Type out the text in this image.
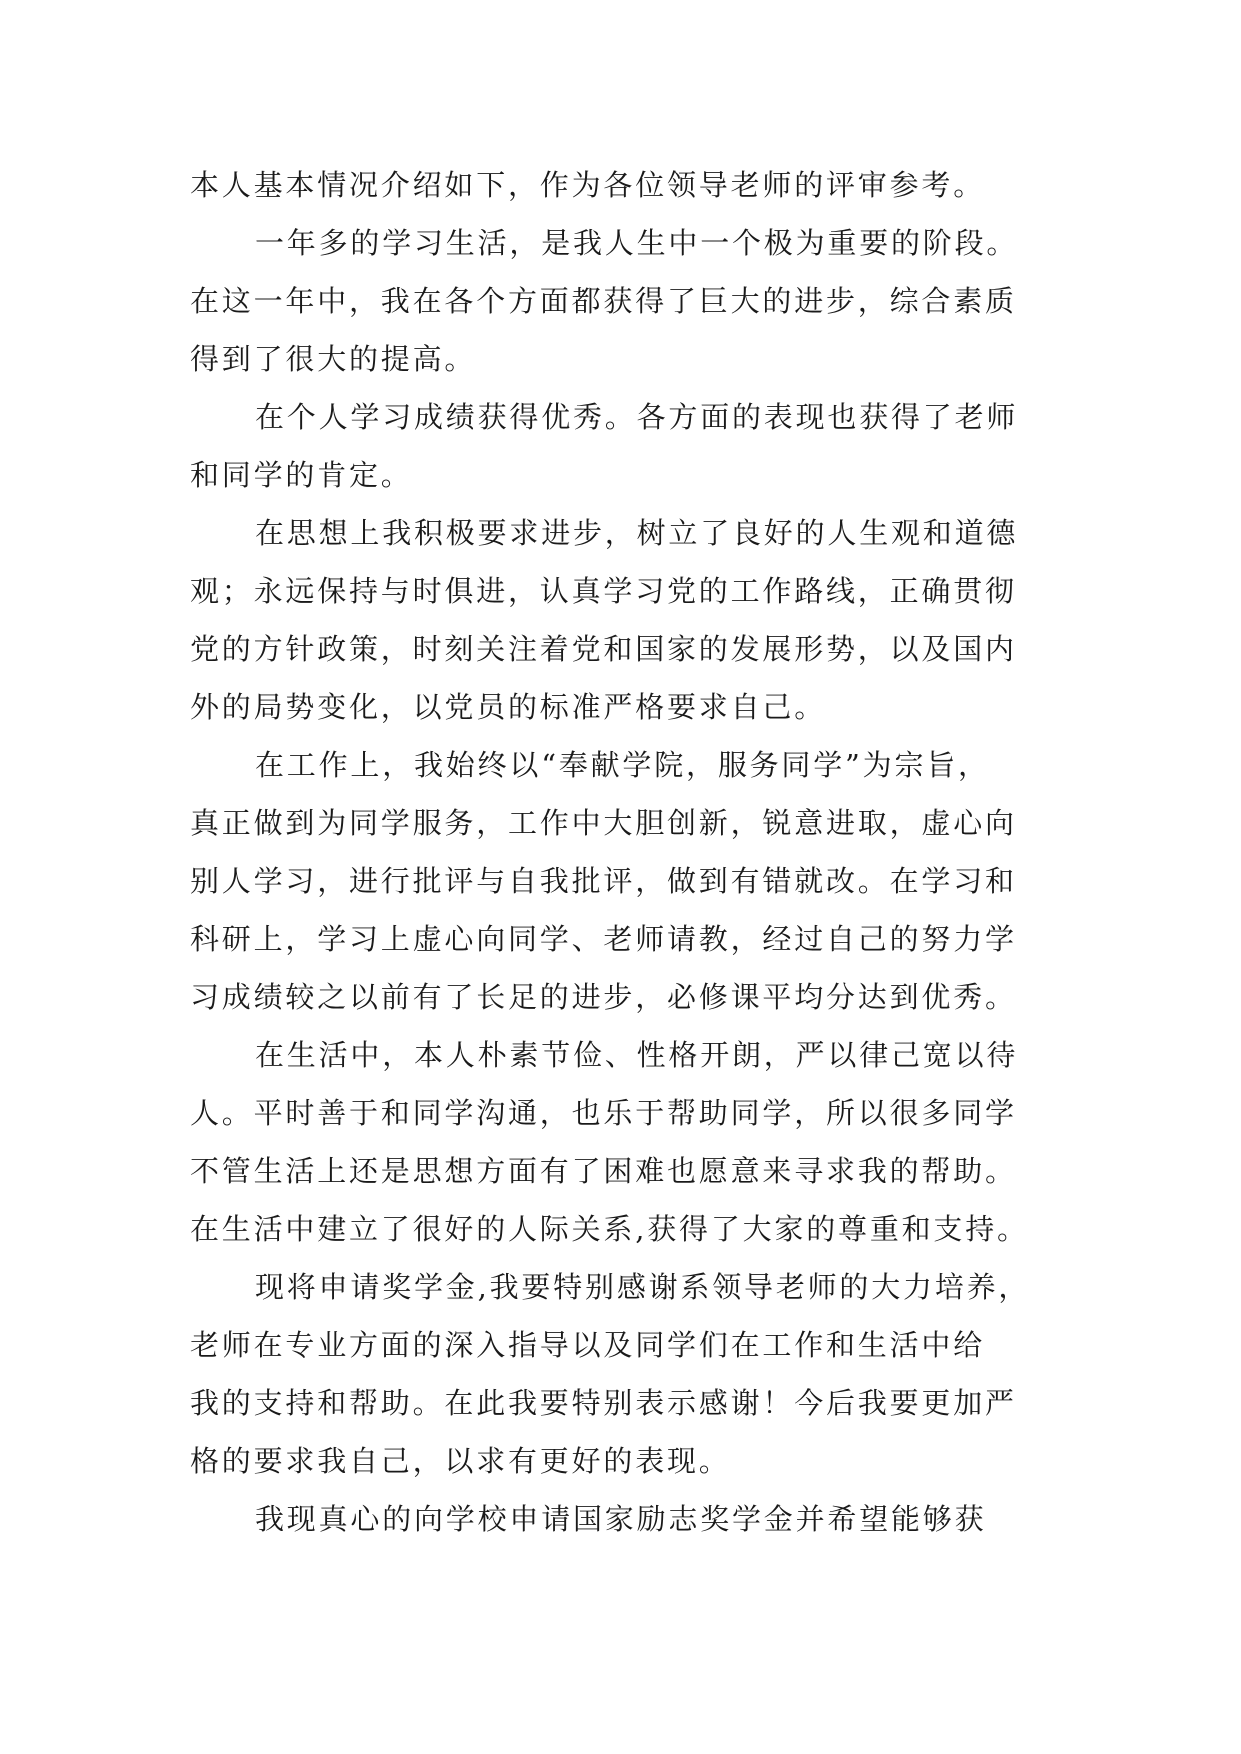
本人基本情况介绍如下，作为各位领导老师的评审参考。
一年多的学习生活，是我人生中一个极为重要的阶段。
在这一年中，我在各个方面都获得了巨大的进步，综合素质
得到了很大的提高。
在个人学习成绩获得优秀。各方面的表现也获得了老师
和同学的肯定。
在思想上我积极要求进步，树立了良好的人生观和道德
观；永远保持与时俱进，认真学习党的工作路线，正确贯彻
党的方针政策，时刻关注着党和国家的发展形势，以及国内
外的局势变化，以党员的标准严格要求自己。
在工作上，我始终以“奉献学院，服务同学”为宗旨，
真正做到为同学服务，工作中大胆创新，锐意进取，虚心向
别人学习，进行批评与自我批评，做到有错就改。在学习和
科研上，学习上虚心向同学、老师请教，经过自己的努力学
习成绩较之以前有了长足的进步，必修课平均分达到优秀。
在生活中，本人朴素节俭、性格开朗，严以律己宽以待
人。平时善于和同学沟通，也乐于帮助同学，所以很多同学
不管生活上还是思想方面有了困难也愿意来寻求我的帮助。
在生活中建立了很好的人际关系,获得了大家的尊重和支持。
现将申请奖学金,我要特别感谢系领导老师的大力培养，
老师在专业方面的深入指导以及同学们在工作和生活中给
我的支持和帮助。在此我要特别表示感谢！今后我要更加严
格的要求我自己，以求有更好的表现。
我现真心的向学校申请国家励志奖学金并希望能够获
